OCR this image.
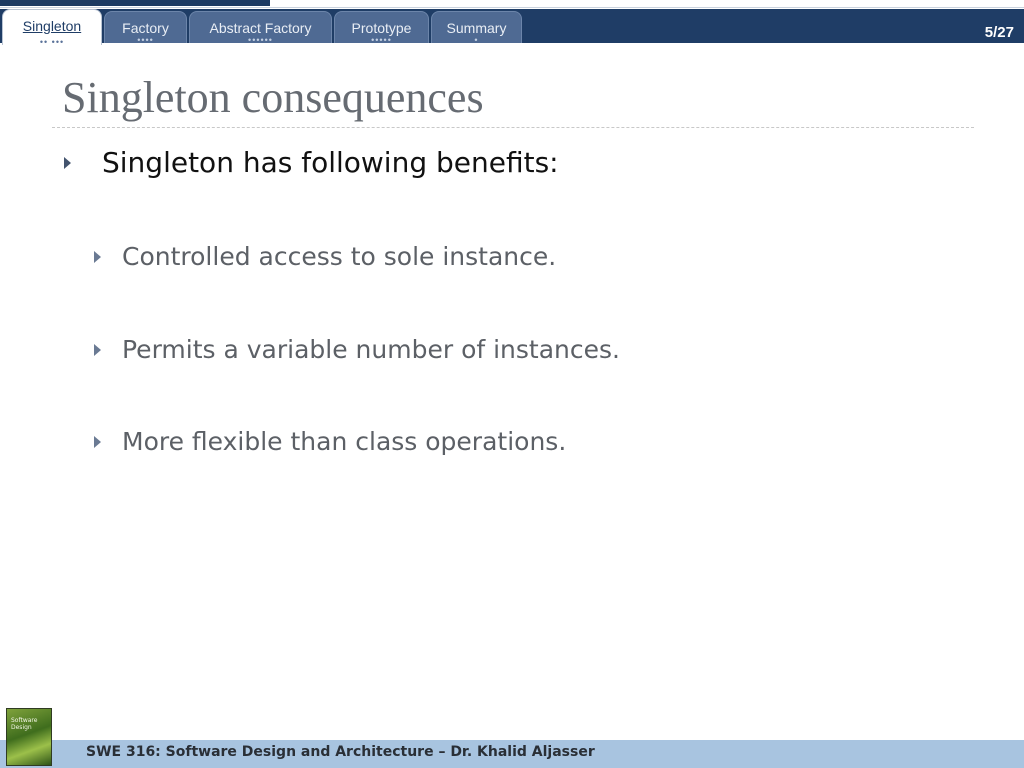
Singleton
•• •••
Factory
••••
Abstract Factory
••••••
Prototype
•••••
Summary
•	5/27
Singleton consequences
Singleton has following benefits:
Controlled access to sole instance.
Permits a variable number of instances.
More flexible than class operations.
Software
Design
SWE 316: Software Design and Architecture – Dr. Khalid Aljasser
